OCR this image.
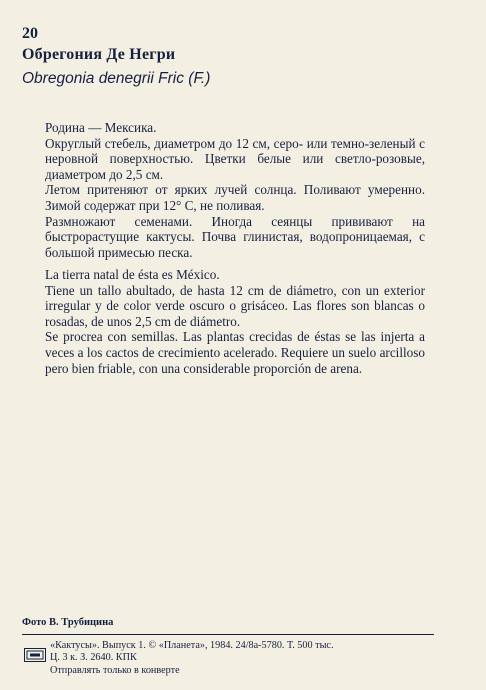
20
Обрегония Де Негри
Obregonia denegrii Fric (F.)

Родина — Мексика.

Округлый стебель, диаметром до 12 см, серо- или темно-зеленый с неровной поверхностью. Цветки белые или светло-розовые, диаметром до 2,5 см.

Летом притеняют от ярких лучей солнца. Поливают умеренно. Зимой содержат при 12° С, не поливая.

Размножают семенами. Иногда сеянцы прививают на быстрорастущие кактусы. Почва глинистая, водопроницаемая, с большой примесью песка.

La tierra natal de ésta es México.

Tiene un tallo abultado, de hasta 12 cm de diámetro, con un exterior irregular y de color verde oscuro o grisáceo. Las flores son blancas o rosadas, de unos 2,5 cm de diámetro.

Se procrea con semillas. Las plantas crecidas de éstas se las injerta a veces a los cactos de crecimiento acelerado. Requiere un suelo arcilloso pero bien friable, con una considerable proporción de arena.

Фото В. Трубицина
«Кактусы». Выпуск 1. © «Планета», 1984. 24/8а-5780. Т. 500 тыс.
Ц. 3 к. З. 2640. КПК
Отправлять только в конверте
